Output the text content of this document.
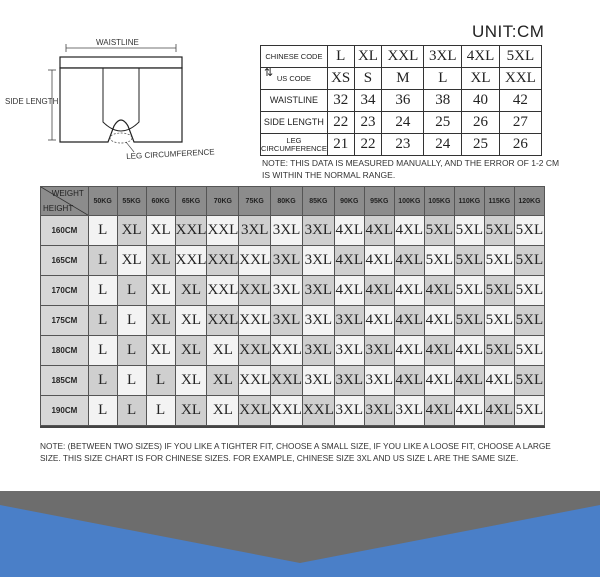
UNIT:CM
WAISTLINE
SIDE LENGTH
LEG CIRCUMFERENCE
CHINESE CODE	L	XL	XXL	3XL	4XL	5XL

⇅ US CODE	XS	S	M	L	XL	XXL
WAISTLINE	32	34	36	38	40	42
SIDE LENGTH	22	23	24	25	26	27
LEG CIRCUMFERENCE	21	22	23	24	25	26
NOTE: THIS DATA IS MEASURED MANUALLY, AND THE ERROR OF 1-2 CM IS WITHIN THE NORMAL RANGE.
WEIGHT
HEIGHT	50KG	55KG	60KG	65KG	70KG	75KG	80KG	85KG	90KG	95KG	100KG	105KG	110KG	115KG	120KG
160CM	L	XL	XL	XXL	XXL	3XL	3XL	3XL	4XL	4XL	4XL	5XL	5XL	5XL	5XL
165CM	L	XL	XL	XXL	XXL	XXL	3XL	3XL	4XL	4XL	4XL	5XL	5XL	5XL	5XL
170CM	L	L	XL	XL	XXL	XXL	3XL	3XL	4XL	4XL	4XL	4XL	5XL	5XL	5XL
175CM	L	L	XL	XL	XXL	XXL	3XL	3XL	3XL	4XL	4XL	4XL	5XL	5XL	5XL
180CM	L	L	XL	XL	XL	XXL	XXL	3XL	3XL	3XL	4XL	4XL	4XL	5XL	5XL
185CM	L	L	L	XL	XL	XXL	XXL	3XL	3XL	3XL	4XL	4XL	4XL	4XL	5XL
190CM	L	L	L	XL	XL	XXL	XXL	XXL	3XL	3XL	3XL	4XL	4XL	4XL	5XL
NOTE: (BETWEEN TWO SIZES) IF YOU LIKE A TIGHTER FIT, CHOOSE A SMALL SIZE, IF YOU LIKE A LOOSE FIT, CHOOSE A LARGE SIZE. THIS SIZE CHART IS FOR CHINESE SIZES. FOR EXAMPLE, CHINESE SIZE 3XL AND US SIZE L ARE THE SAME SIZE.
